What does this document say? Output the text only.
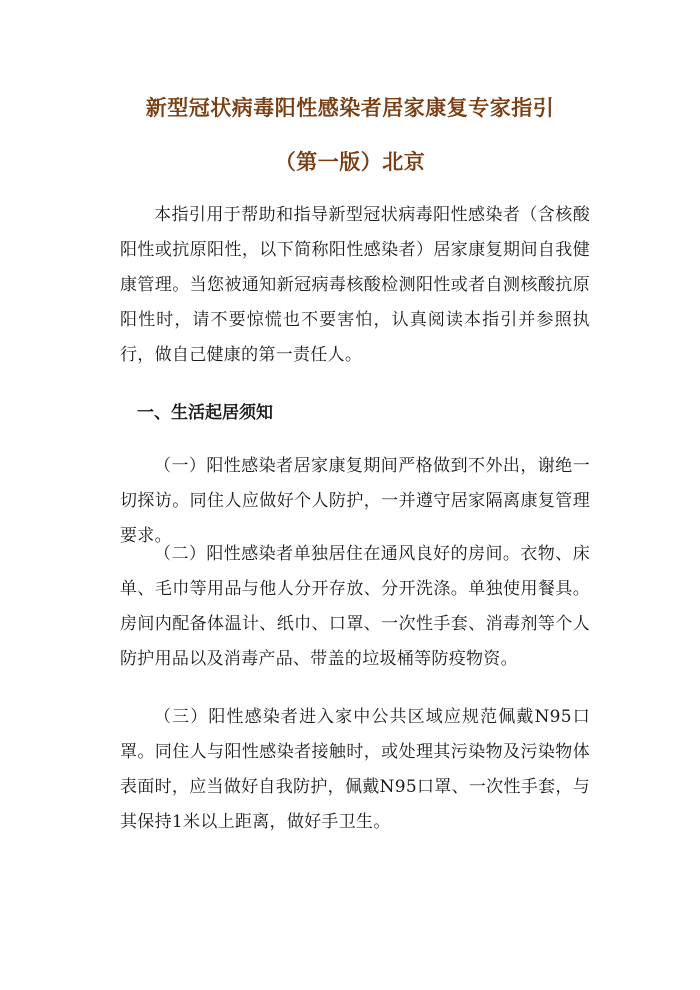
新型冠状病毒阳性感染者居家康复专家指引
（第一版）北京

本指引用于帮助和指导新型冠状病毒阳性感染者（含核酸阳性或抗原阳性，以下简称阳性感染者）居家康复期间自我健康管理。当您被通知新冠病毒核酸检测阳性或者自测核酸抗原阳性时，请不要惊慌也不要害怕，认真阅读本指引并参照执行，做自己健康的第一责任人。

一、生活起居须知

（一）阳性感染者居家康复期间严格做到不外出，谢绝一切探访。同住人应做好个人防护，一并遵守居家隔离康复管理要求。

（二）阳性感染者单独居住在通风良好的房间。衣物、床单、毛巾等用品与他人分开存放、分开洗涤。单独使用餐具。房间内配备体温计、纸巾、口罩、一次性手套、消毒剂等个人防护用品以及消毒产品、带盖的垃圾桶等防疫物资。

（三）阳性感染者进入家中公共区域应规范佩戴N95口罩。同住人与阳性感染者接触时，或处理其污染物及污染物体表面时，应当做好自我防护，佩戴N95口罩、一次性手套，与其保持1米以上距离，做好手卫生。
